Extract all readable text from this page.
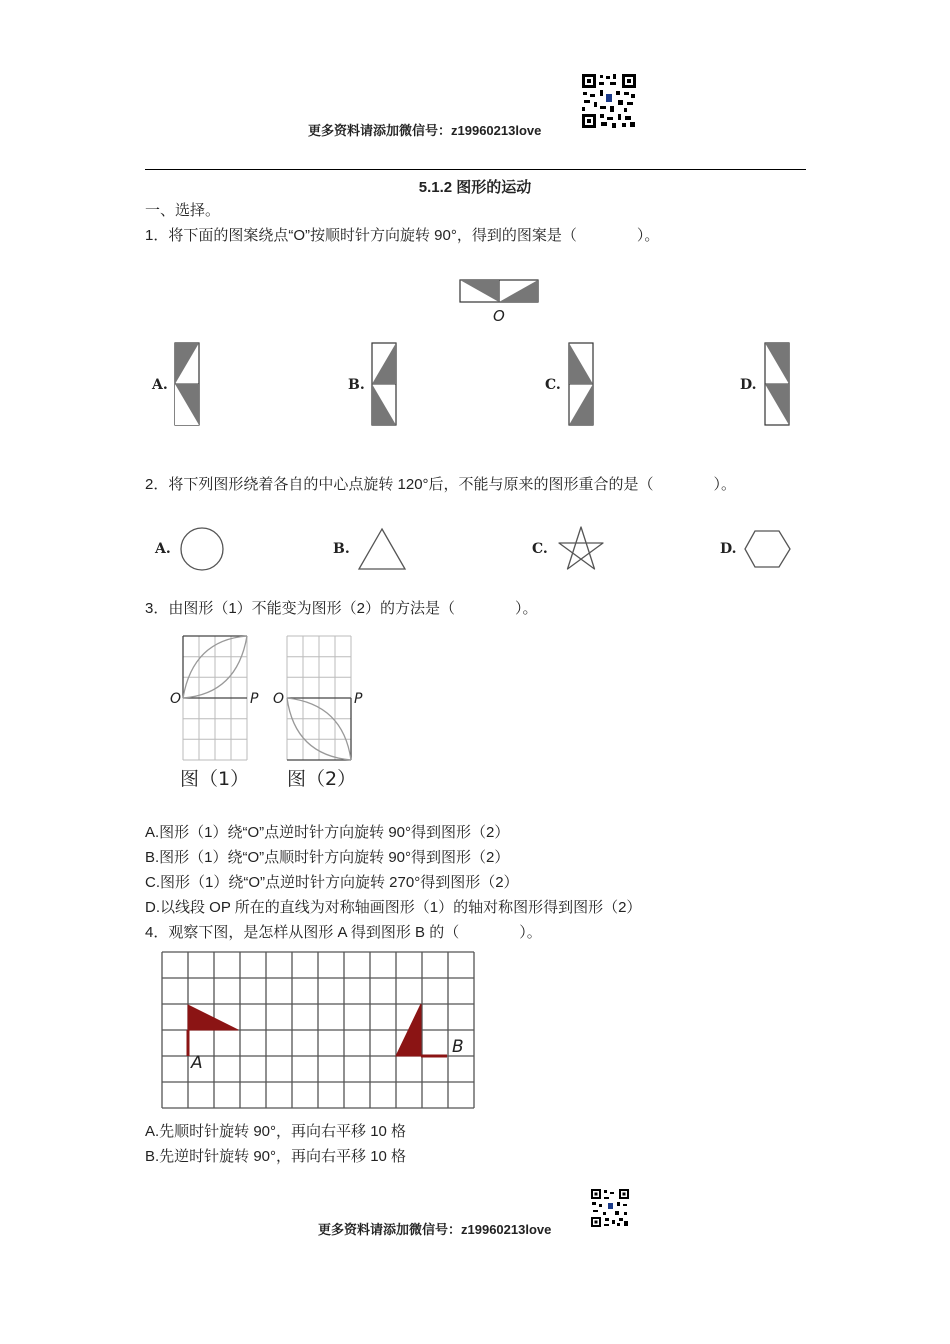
更多资料请添加微信号：z19960213love
5.1.2 图形的运动
一、选择。
1．将下面的图案绕点“O”按顺时针方向旋转 90°，得到的图案是（　　　　）。
O
A.	B.	C.	D.
2．将下列图形绕着各自的中心点旋转 120°后，不能与原来的图形重合的是（　　　　）。
A.	B.	C.	D.
3．由图形（1）不能变为图形（2）的方法是（　　　　）。
O	P O	P
图（1） 图（2）
A.图形（1）绕“O”点逆时针方向旋转 90°得到图形（2）
B.图形（1）绕“O”点顺时针方向旋转 90°得到图形（2）
C.图形（1）绕“O”点逆时针方向旋转 270°得到图形（2）
D.以线段 OP 所在的直线为对称轴画图形（1）的轴对称图形得到图形（2）
4．观察下图，是怎样从图形 A 得到图形 B 的（　　　　）。
A
B
A.先顺时针旋转 90°，再向右平移 10 格
B.先逆时针旋转 90°，再向右平移 10 格
更多资料请添加微信号：z19960213love
